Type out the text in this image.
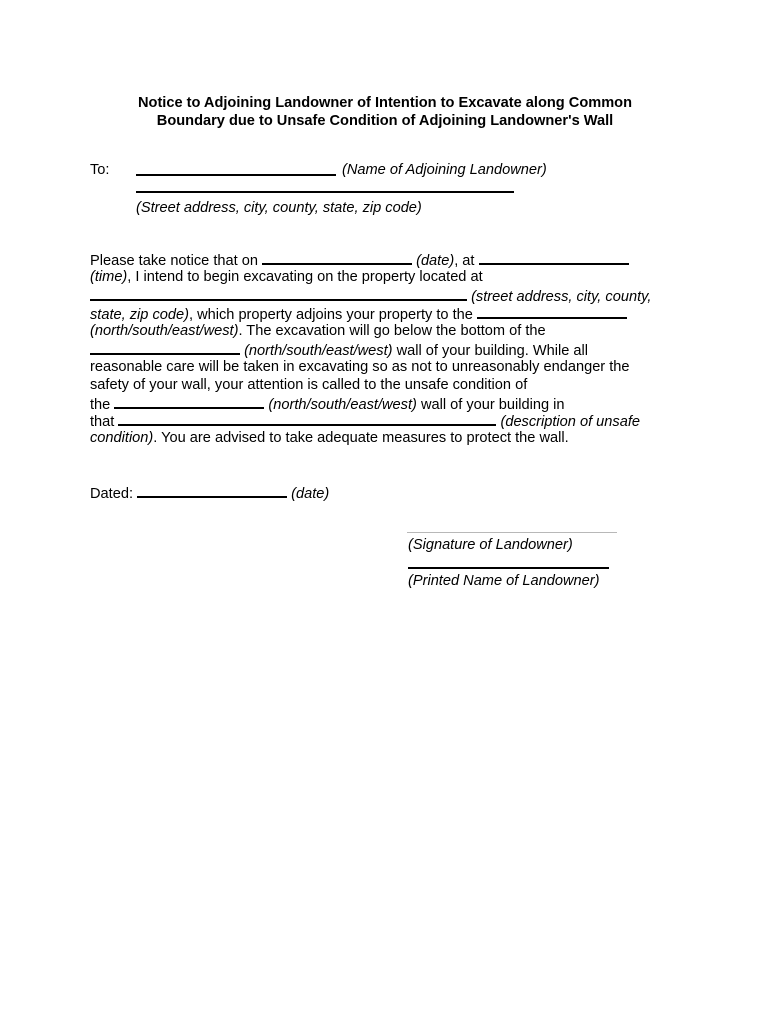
Notice to Adjoining Landowner of Intention to Excavate along Common
Boundary due to Unsafe Condition of Adjoining Landowner's Wall
To:	(Name of Adjoining Landowner)
(Street address, city, county, state, zip code)
Please take notice that on	(date), at
(time), I intend to begin excavating on the property located at
(street address, city, county,
state, zip code), which property adjoins your property to the
(north/south/east/west). The excavation will go below the bottom of the
(north/south/east/west) wall of your building. While all
reasonable care will be taken in excavating so as not to unreasonably endanger the
safety of your wall, your attention is called to the unsafe condition of
the	(north/south/east/west) wall of your building in
that	(description of unsafe
condition). You are advised to take adequate measures to protect the wall.
Dated:	(date)
(Signature of Landowner)
(Printed Name of Landowner)
